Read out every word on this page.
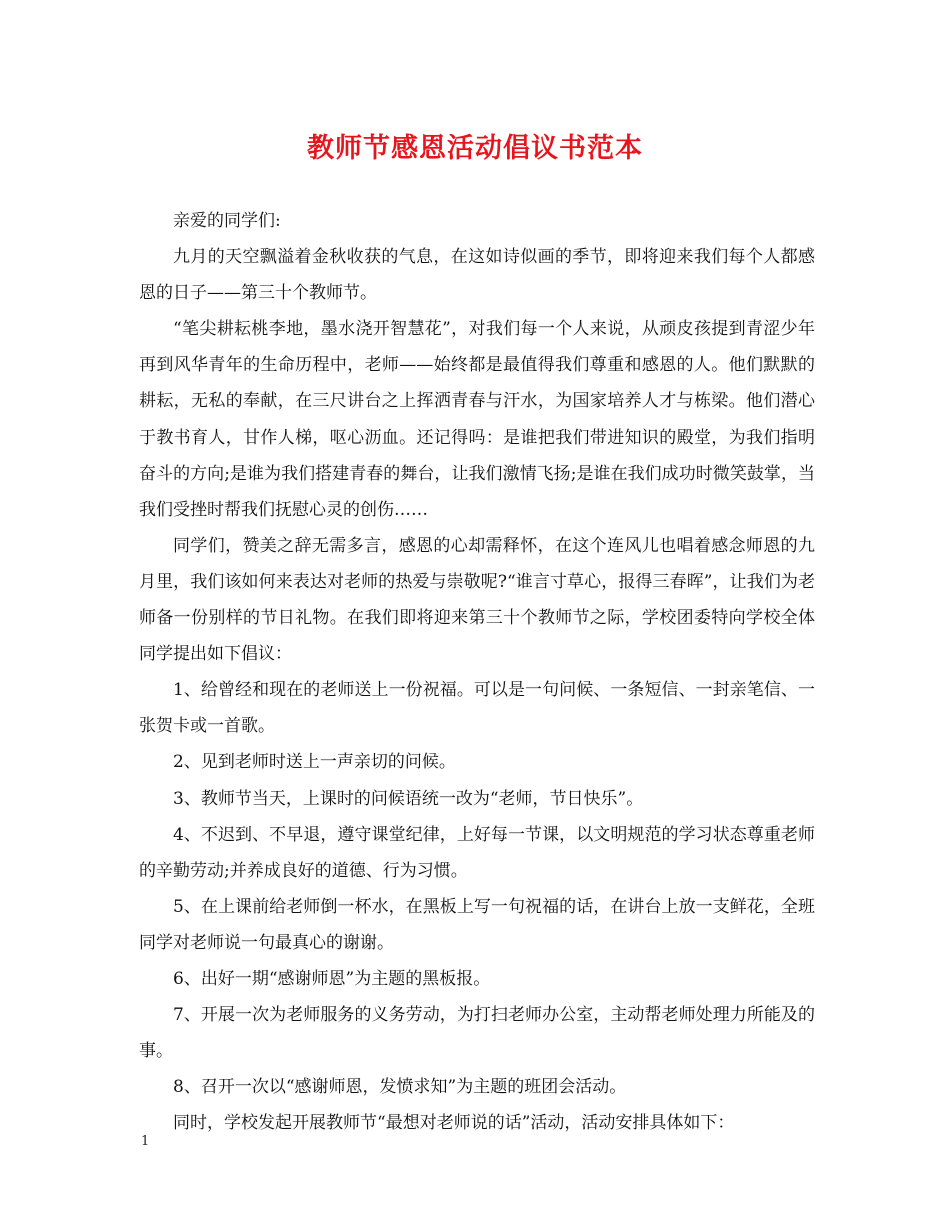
教师节感恩活动倡议书范本

亲爱的同学们:

九月的天空飘溢着金秋收获的气息，在这如诗似画的季节，即将迎来我们每个人都感恩的日子——第三十个教师节。

“笔尖耕耘桃李地，墨水浇开智慧花”，对我们每一个人来说，从顽皮孩提到青涩少年再到风华青年的生命历程中，老师——始终都是最值得我们尊重和感恩的人。他们默默的耕耘，无私的奉献，在三尺讲台之上挥洒青春与汗水，为国家培养人才与栋梁。他们潜心于教书育人，甘作人梯，呕心沥血。还记得吗：是谁把我们带进知识的殿堂，为我们指明奋斗的方向;是谁为我们搭建青春的舞台，让我们激情飞扬;是谁在我们成功时微笑鼓掌，当我们受挫时帮我们抚慰心灵的创伤……

同学们，赞美之辞无需多言，感恩的心却需释怀，在这个连风儿也唱着感念师恩的九月里，我们该如何来表达对老师的热爱与崇敬呢?“谁言寸草心，报得三春晖”，让我们为老师备一份别样的节日礼物。在我们即将迎来第三十个教师节之际，学校团委特向学校全体同学提出如下倡议：

1、给曾经和现在的老师送上一份祝福。可以是一句问候、一条短信、一封亲笔信、一张贺卡或一首歌。

2、见到老师时送上一声亲切的问候。

3、教师节当天，上课时的问候语统一改为“老师，节日快乐”。

4、不迟到、不早退，遵守课堂纪律，上好每一节课，以文明规范的学习状态尊重老师的辛勤劳动;并养成良好的道德、行为习惯。

5、在上课前给老师倒一杯水，在黑板上写一句祝福的话，在讲台上放一支鲜花，全班同学对老师说一句最真心的谢谢。

6、出好一期“感谢师恩”为主题的黑板报。

7、开展一次为老师服务的义务劳动，为打扫老师办公室，主动帮老师处理力所能及的事。

8、召开一次以“感谢师恩，发愤求知”为主题的班团会活动。

同时，学校发起开展教师节“最想对老师说的话”活动，活动安排具体如下：

1
